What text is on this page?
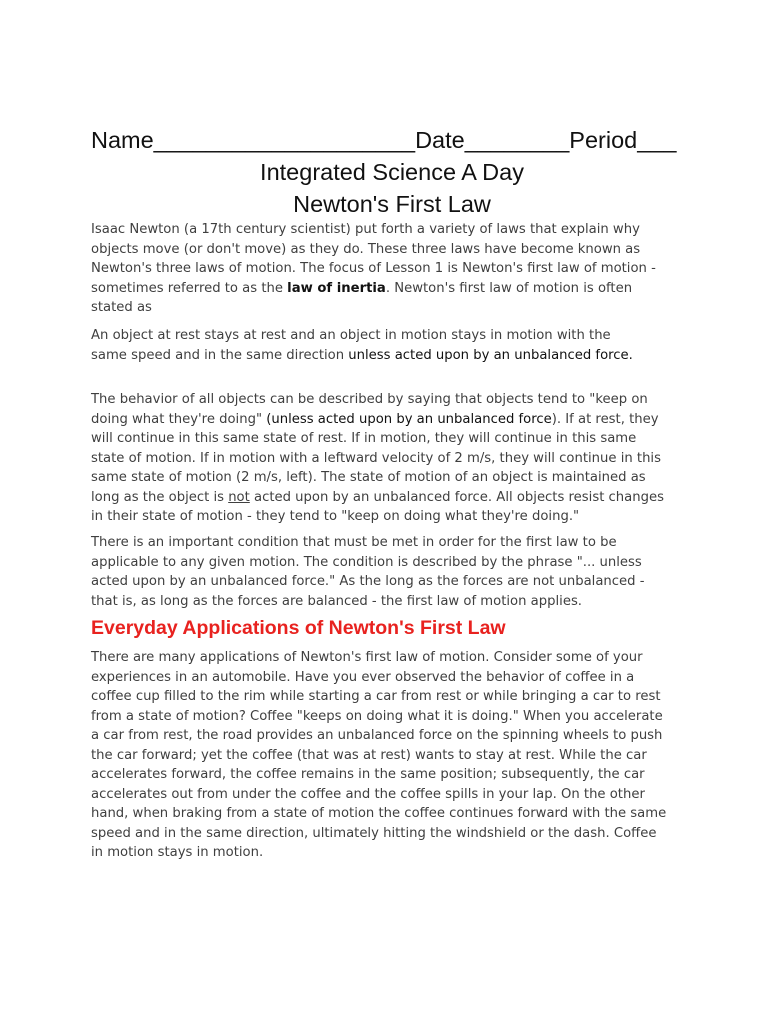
Name____________________Date________Period___

Integrated Science A Day
Newton's First Law

Isaac Newton (a 17th century scientist) put forth a variety of laws that explain why
objects move (or don't move) as they do. These three laws have become known as
Newton's three laws of motion. The focus of Lesson 1 is Newton's first law of motion -
sometimes referred to as the law of inertia. Newton's first law of motion is often
stated as

An object at rest stays at rest and an object in motion stays in motion with the
same speed and in the same direction unless acted upon by an unbalanced force.

The behavior of all objects can be described by saying that objects tend to "keep on
doing what they're doing" (unless acted upon by an unbalanced force). If at rest, they
will continue in this same state of rest. If in motion, they will continue in this same
state of motion. If in motion with a leftward velocity of 2 m/s, they will continue in this
same state of motion (2 m/s, left). The state of motion of an object is maintained as
long as the object is not acted upon by an unbalanced force. All objects resist changes
in their state of motion - they tend to "keep on doing what they're doing."

There is an important condition that must be met in order for the first law to be
applicable to any given motion. The condition is described by the phrase "... unless
acted upon by an unbalanced force." As the long as the forces are not unbalanced -
that is, as long as the forces are balanced - the first law of motion applies.

Everyday Applications of Newton's First Law

There are many applications of Newton's first law of motion. Consider some of your
experiences in an automobile. Have you ever observed the behavior of coffee in a
coffee cup filled to the rim while starting a car from rest or while bringing a car to rest
from a state of motion? Coffee "keeps on doing what it is doing." When you accelerate
a car from rest, the road provides an unbalanced force on the spinning wheels to push
the car forward; yet the coffee (that was at rest) wants to stay at rest. While the car
accelerates forward, the coffee remains in the same position; subsequently, the car
accelerates out from under the coffee and the coffee spills in your lap. On the other
hand, when braking from a state of motion the coffee continues forward with the same
speed and in the same direction, ultimately hitting the windshield or the dash. Coffee
in motion stays in motion.
